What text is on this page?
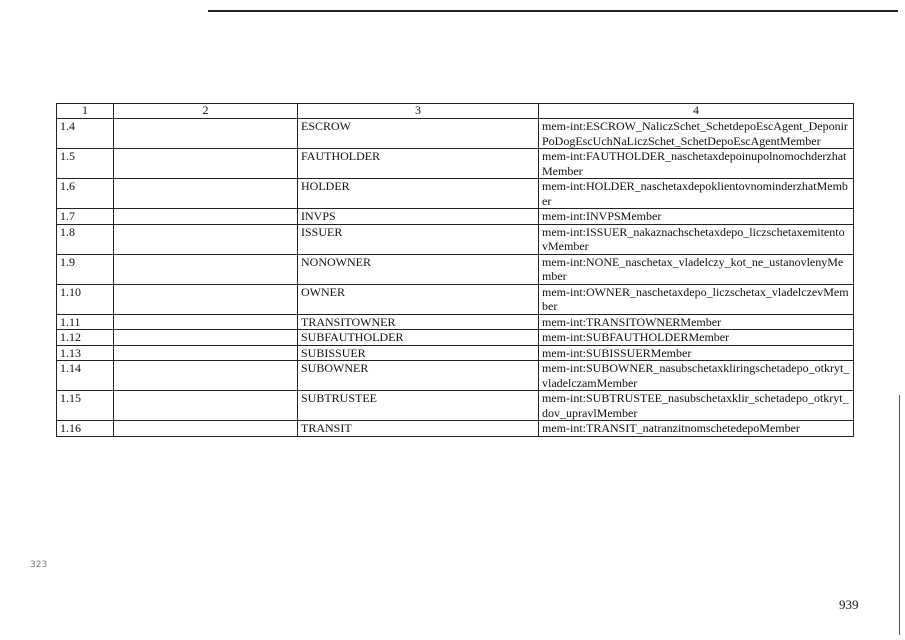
1	2	3	4
1.4		ESCROW	mem-int:ESCROW_NaliczSchet_SchetdepoEscAgent_DeponirPoDogEscUchNaLiczSchet_SchetDepoEscAgentMember
1.5		FAUTHOLDER	mem-int:FAUTHOLDER_naschetaxdepoinupolnomochderzhatMember
1.6		HOLDER	mem-int:HOLDER_naschetaxdepoklientovnominderzhatMember
1.7		INVPS	mem-int:INVPSMember
1.8		ISSUER	mem-int:ISSUER_nakaznachschetaxdepo_liczschetaxemitentovMember
1.9		NONOWNER	mem-int:NONE_naschetax_vladelczy_kot_ne_ustanovlenyMember
1.10		OWNER	mem-int:OWNER_naschetaxdepo_liczschetax_vladelczevMember
1.11		TRANSITOWNER	mem-int:TRANSITOWNERMember
1.12		SUBFAUTHOLDER	mem-int:SUBFAUTHOLDERMember
1.13		SUBISSUER	mem-int:SUBISSUERMember
1.14		SUBOWNER	mem-int:SUBOWNER_nasubschetaxkliringschetadepo_otkryt_vladelczamMember
1.15		SUBTRUSTEE	mem-int:SUBTRUSTEE_nasubschetaxklir_schetadepo_otkryt_dov_upravlMember
1.16		TRANSIT	mem-int:TRANSIT_natranzitnomschetedepoMember
323
939
